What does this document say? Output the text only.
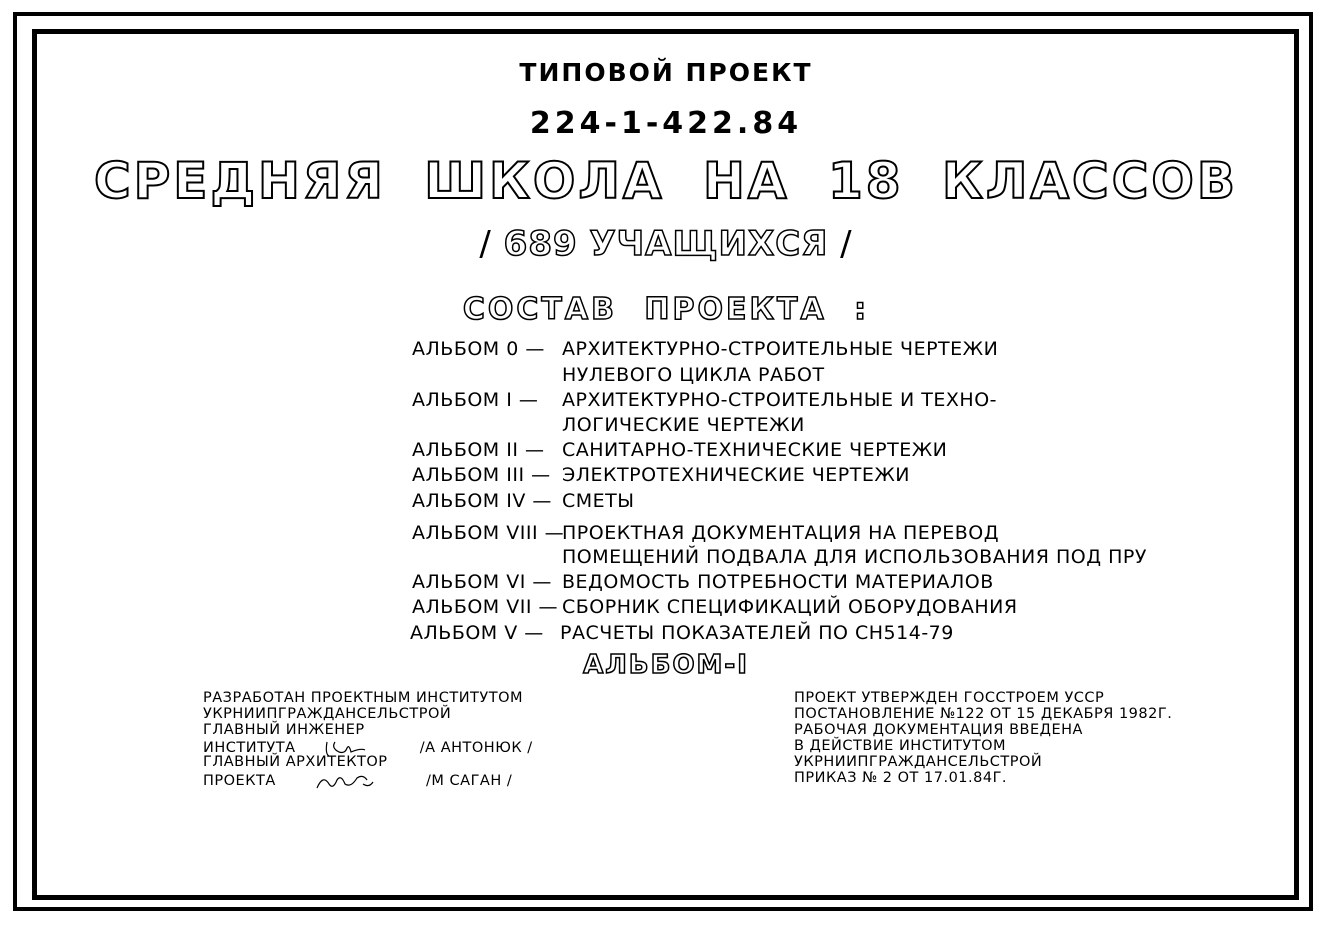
ТИПОВОЙ ПРОЕКТ
224-1-422.84
СРЕДНЯЯ ШКОЛА НА 18 КЛАССОВ
/ 689 УЧАЩИХСЯ /
СОСТАВ ПРОЕКТА :
АЛЬБОМ 0 — АРХИТЕКТУРНО-СТРОИТЕЛЬНЫЕ ЧЕРТЕЖИ
НУЛЕВОГО ЦИКЛА РАБОТ
АЛЬБОМ I — АРХИТЕКТУРНО-СТРОИТЕЛЬНЫЕ И ТЕХНО-
ЛОГИЧЕСКИЕ ЧЕРТЕЖИ
АЛЬБОМ II — САНИТАРНО-ТЕХНИЧЕСКИЕ ЧЕРТЕЖИ
АЛЬБОМ III — ЭЛЕКТРОТЕХНИЧЕСКИЕ ЧЕРТЕЖИ
АЛЬБОМ IV — СМЕТЫ
АЛЬБОМ VIII —
ПРОЕКТНАЯ ДОКУМЕНТАЦИЯ НА ПЕРЕВОД
ПОМЕЩЕНИЙ ПОДВАЛА ДЛЯ ИСПОЛЬЗОВАНИЯ ПОД ПРУ
АЛЬБОМ VI — ВЕДОМОСТЬ ПОТРЕБНОСТИ МАТЕРИАЛОВ
АЛЬБОМ VII — СБОРНИК СПЕЦИФИКАЦИЙ ОБОРУДОВАНИЯ
АЛЬБОМ V — РАСЧЕТЫ ПОКАЗАТЕЛЕЙ ПО СН514-79
АЛЬБОМ-I
РАЗРАБОТАН ПРОЕКТНЫМ ИНСТИТУТОМ
УКРНИИПГРАЖДАНСЕЛЬСТРОЙ
ГЛАВНЫЙ ИНЖЕНЕР
ИНСТИТУТА	/А АНТОНЮК /
ГЛАВНЫЙ АРХИТЕКТОР
ПРОЕКТА	/М САГАН /
ПРОЕКТ УТВЕРЖДЕН ГОССТРОЕМ УССР
ПОСТАНОВЛЕНИЕ №122 ОТ 15 ДЕКАБРЯ 1982Г.
РАБОЧАЯ ДОКУМЕНТАЦИЯ ВВЕДЕНА
В ДЕЙСТВИЕ ИНСТИТУТОМ
УКРНИИПГРАЖДАНСЕЛЬСТРОЙ
ПРИКАЗ № 2 ОТ 17.01.84Г.
